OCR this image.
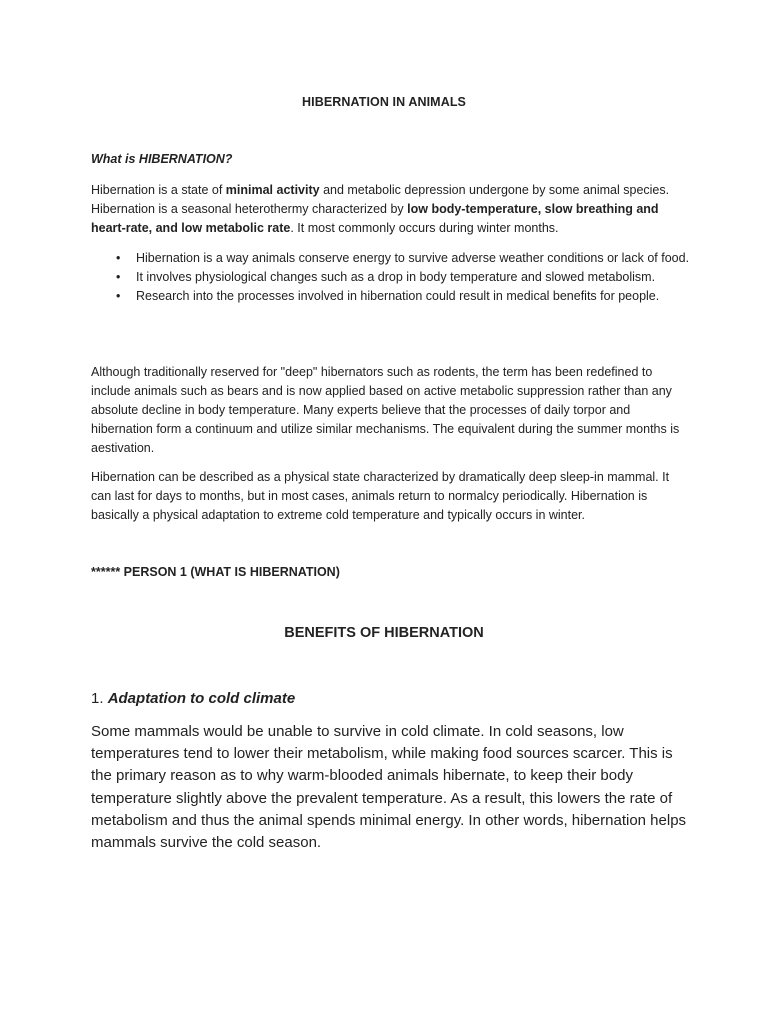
HIBERNATION IN ANIMALS
What is HIBERNATION?
Hibernation is a state of minimal activity and metabolic depression undergone by some animal species. Hibernation is a seasonal heterothermy characterized by low body-temperature, slow breathing and heart-rate, and low metabolic rate. It most commonly occurs during winter months.
• Hibernation is a way animals conserve energy to survive adverse weather conditions or lack of food.
• It involves physiological changes such as a drop in body temperature and slowed metabolism.
• Research into the processes involved in hibernation could result in medical benefits for people.
Although traditionally reserved for "deep" hibernators such as rodents, the term has been redefined to include animals such as bears and is now applied based on active metabolic suppression rather than any absolute decline in body temperature. Many experts believe that the processes of daily torpor and hibernation form a continuum and utilize similar mechanisms. The equivalent during the summer months is aestivation.
Hibernation can be described as a physical state characterized by dramatically deep sleep-in mammal. It can last for days to months, but in most cases, animals return to normalcy periodically. Hibernation is basically a physical adaptation to extreme cold temperature and typically occurs in winter.
****** PERSON 1 (WHAT IS HIBERNATION)
BENEFITS OF HIBERNATION
1. Adaptation to cold climate
Some mammals would be unable to survive in cold climate. In cold seasons, low temperatures tend to lower their metabolism, while making food sources scarcer. This is the primary reason as to why warm-blooded animals hibernate, to keep their body temperature slightly above the prevalent temperature. As a result, this lowers the rate of metabolism and thus the animal spends minimal energy. In other words, hibernation helps mammals survive the cold season.
